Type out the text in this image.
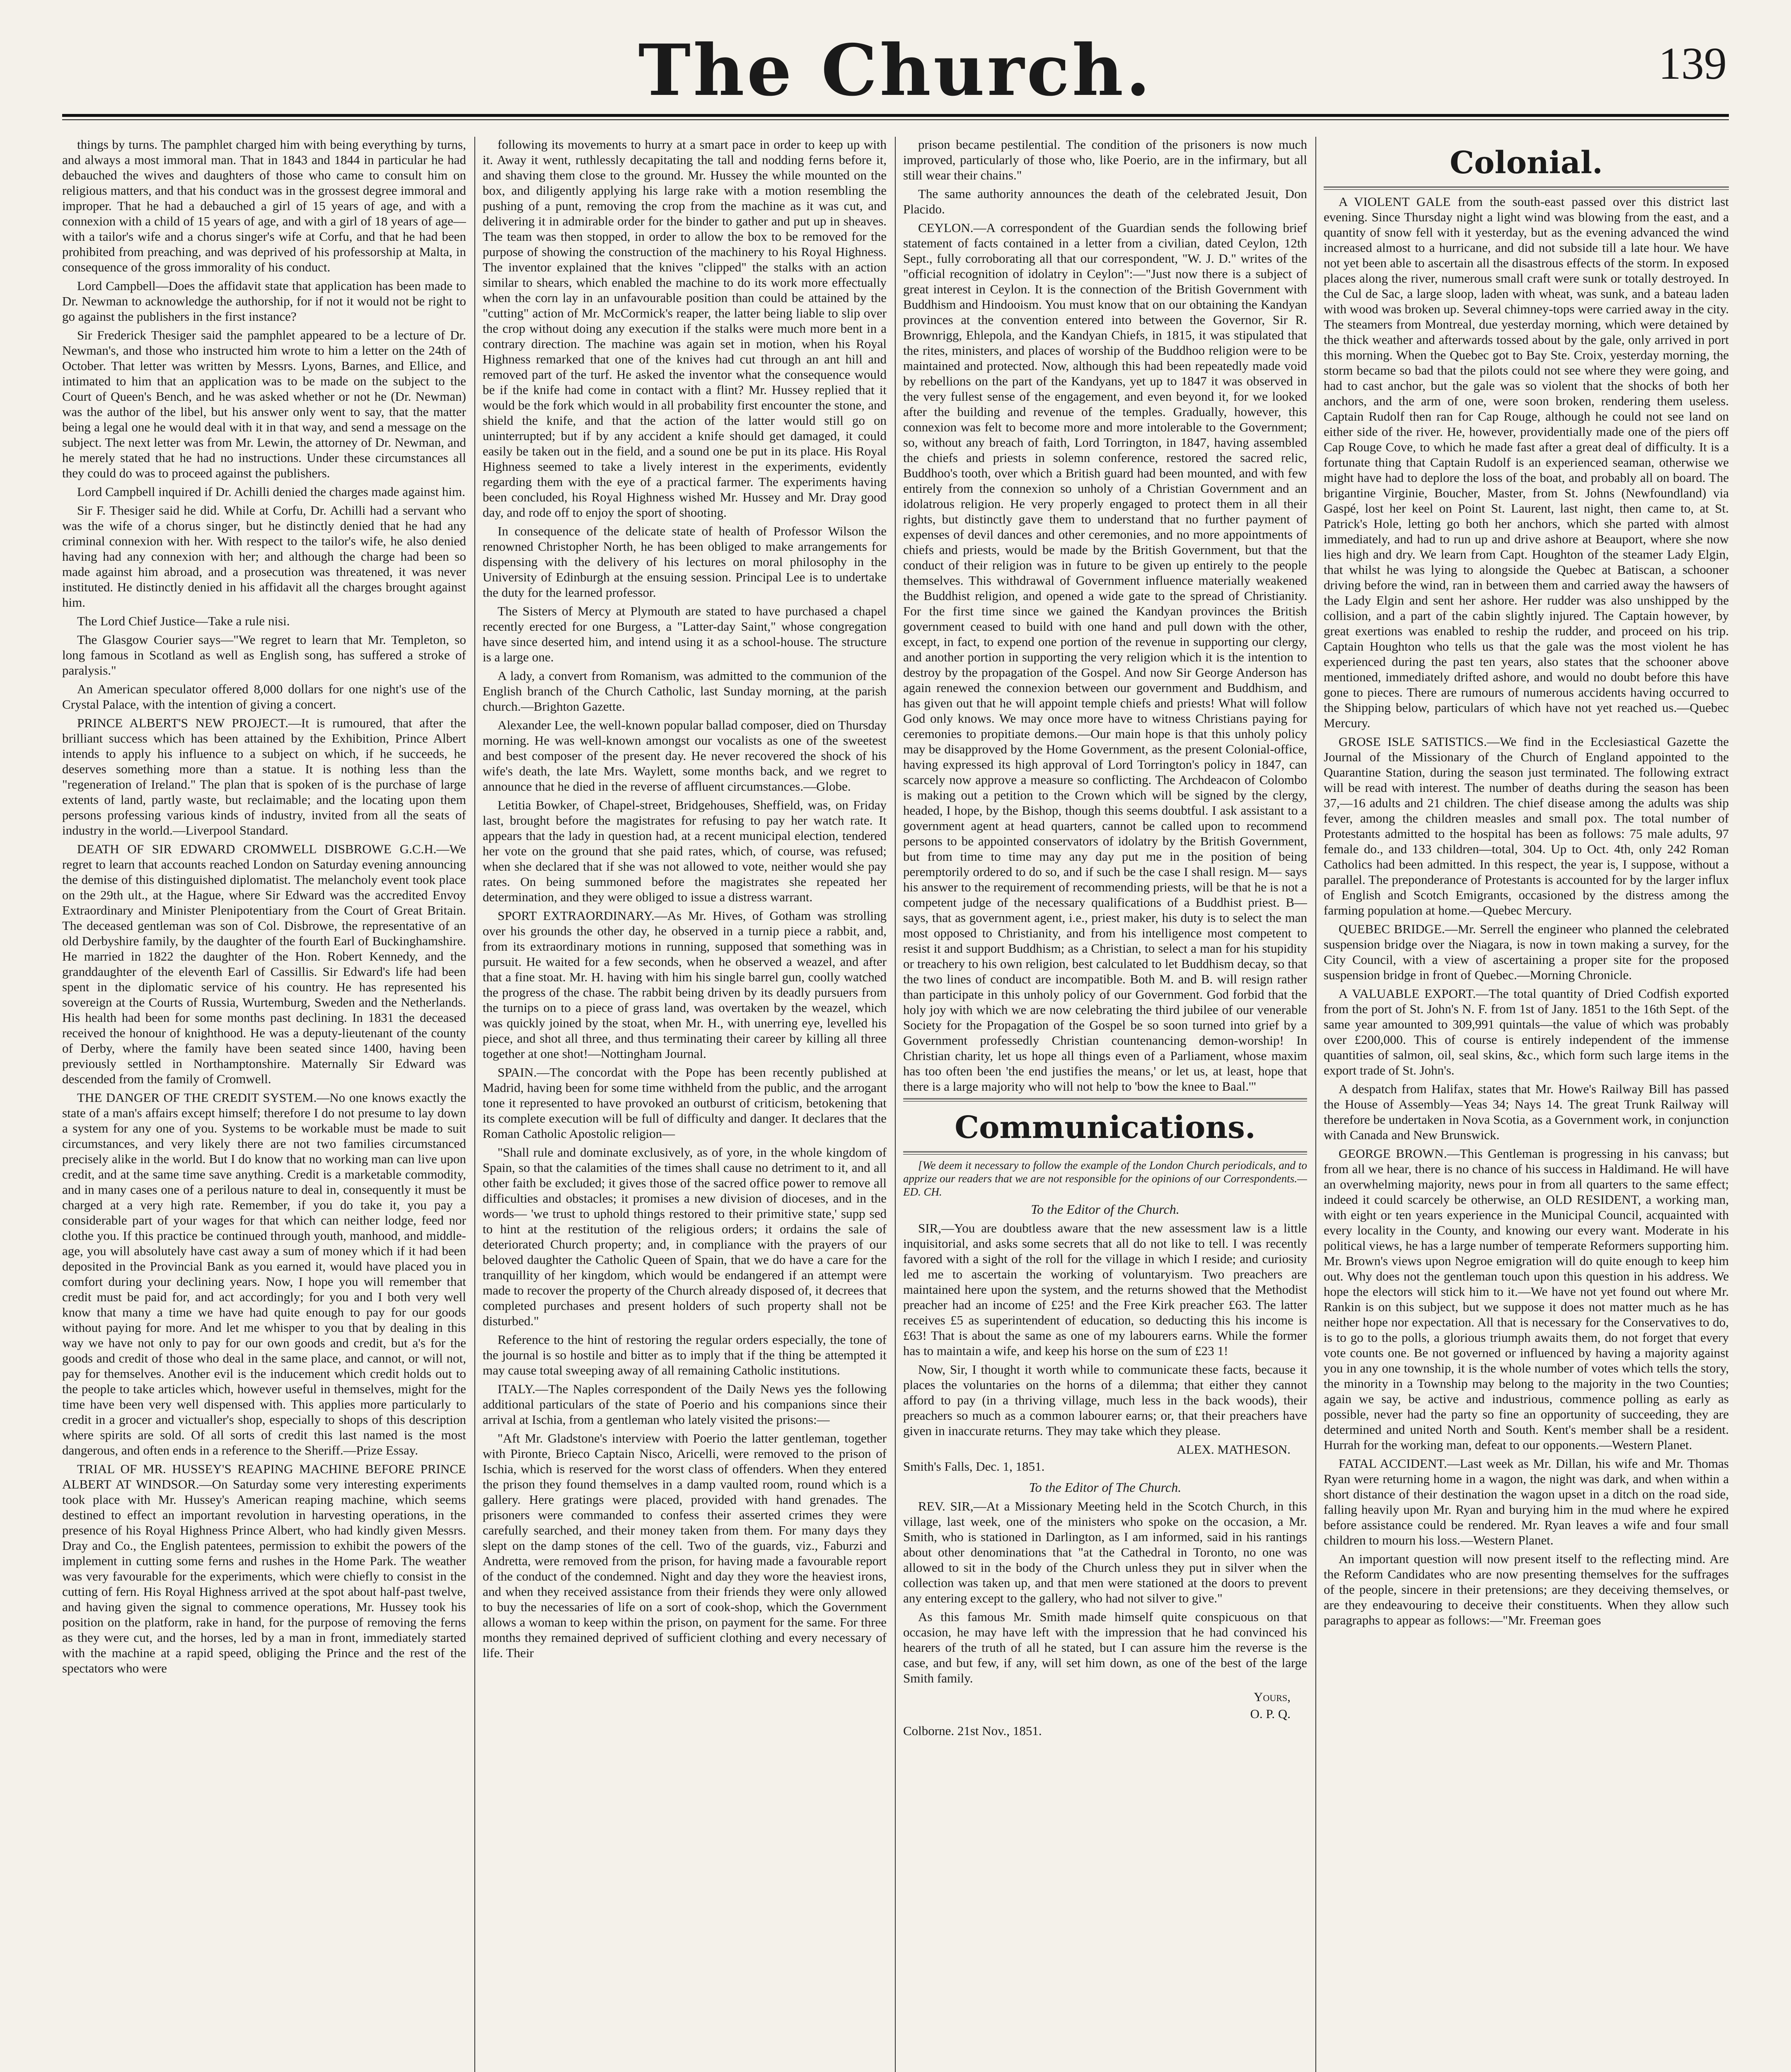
The Church.	139

things by turns. The pamphlet charged him with being everything by turns, and always a most immoral man. That in 1843 and 1844 in particular he had debauched the wives and daughters of those who came to consult him on religious matters, and that his conduct was in the grossest degree immoral and improper. That he had a debauched a girl of 15 years of age, and with a connexion with a child of 15 years of age, and with a girl of 18 years of age—with a tailor's wife and a chorus singer's wife at Corfu, and that he had been prohibited from preaching, and was deprived of his professorship at Malta, in consequence of the gross immorality of his conduct.

Lord Campbell—Does the affidavit state that application has been made to Dr. Newman to acknowledge the authorship, for if not it would not be right to go against the publishers in the first instance?

Sir Frederick Thesiger said the pamphlet appeared to be a lecture of Dr. Newman's, and those who instructed him wrote to him a letter on the 24th of October. That letter was written by Messrs. Lyons, Barnes, and Ellice, and intimated to him that an application was to be made on the subject to the Court of Queen's Bench, and he was asked whether or not he (Dr. Newman) was the author of the libel, but his answer only went to say, that the matter being a legal one he would deal with it in that way, and send a message on the subject. The next letter was from Mr. Lewin, the attorney of Dr. Newman, and he merely stated that he had no instructions. Under these circumstances all they could do was to proceed against the publishers.

Lord Campbell inquired if Dr. Achilli denied the charges made against him.

Sir F. Thesiger said he did. While at Corfu, Dr. Achilli had a servant who was the wife of a chorus singer, but he distinctly denied that he had any criminal connexion with her. With respect to the tailor's wife, he also denied having had any connexion with her; and although the charge had been so made against him abroad, and a prosecution was threatened, it was never instituted. He distinctly denied in his affidavit all the charges brought against him.

The Lord Chief Justice—Take a rule nisi.

The Glasgow Courier says—"We regret to learn that Mr. Templeton, so long famous in Scotland as well as English song, has suffered a stroke of paralysis."

An American speculator offered 8,000 dollars for one night's use of the Crystal Palace, with the intention of giving a concert.

PRINCE ALBERT'S NEW PROJECT.—It is rumoured, that after the brilliant success which has been attained by the Exhibition, Prince Albert intends to apply his influence to a subject on which, if he succeeds, he deserves something more than a statue. It is nothing less than the "regeneration of Ireland." The plan that is spoken of is the purchase of large extents of land, partly waste, but reclaimable; and the locating upon them persons professing various kinds of industry, invited from all the seats of industry in the world.—Liverpool Standard.

DEATH OF SIR EDWARD CROMWELL DISBROWE G.C.H.—We regret to learn that accounts reached London on Saturday evening announcing the demise of this distinguished diplomatist. The melancholy event took place on the 29th ult., at the Hague, where Sir Edward was the accredited Envoy Extraordinary and Minister Plenipotentiary from the Court of Great Britain. The deceased gentleman was son of Col. Disbrowe, the representative of an old Derbyshire family, by the daughter of the fourth Earl of Buckinghamshire. He married in 1822 the daughter of the Hon. Robert Kennedy, and the granddaughter of the eleventh Earl of Cassillis. Sir Edward's life had been spent in the diplomatic service of his country. He has represented his sovereign at the Courts of Russia, Wurtemburg, Sweden and the Netherlands. His health had been for some months past declining. In 1831 the deceased received the honour of knighthood. He was a deputy-lieutenant of the county of Derby, where the family have been seated since 1400, having been previously settled in Northamptonshire. Maternally Sir Edward was descended from the family of Cromwell.

THE DANGER OF THE CREDIT SYSTEM.—No one knows exactly the state of a man's affairs except himself; therefore I do not presume to lay down a system for any one of you. Systems to be workable must be made to suit circumstances, and very likely there are not two families circumstanced precisely alike in the world. But I do know that no working man can live upon credit, and at the same time save anything. Credit is a marketable commodity, and in many cases one of a perilous nature to deal in, consequently it must be charged at a very high rate. Remember, if you do take it, you pay a considerable part of your wages for that which can neither lodge, feed nor clothe you. If this practice be continued through youth, manhood, and middle-age, you will absolutely have cast away a sum of money which if it had been deposited in the Provincial Bank as you earned it, would have placed you in comfort during your declining years. Now, I hope you will remember that credit must be paid for, and act accordingly; for you and I both very well know that many a time we have had quite enough to pay for our goods without paying for more. And let me whisper to you that by dealing in this way we have not only to pay for our own goods and credit, but a's for the goods and credit of those who deal in the same place, and cannot, or will not, pay for themselves. Another evil is the inducement which credit holds out to the people to take articles which, however useful in themselves, might for the time have been very well dispensed with. This applies more particularly to credit in a grocer and victualler's shop, especially to shops of this description where spirits are sold. Of all sorts of credit this last named is the most dangerous, and often ends in a reference to the Sheriff.—Prize Essay.

TRIAL OF MR. HUSSEY'S REAPING MACHINE BEFORE PRINCE ALBERT AT WINDSOR.—On Saturday some very interesting experiments took place with Mr. Hussey's American reaping machine, which seems destined to effect an important revolution in harvesting operations, in the presence of his Royal Highness Prince Albert, who had kindly given Messrs. Dray and Co., the English patentees, permission to exhibit the powers of the implement in cutting some ferns and rushes in the Home Park. The weather was very favourable for the experiments, which were chiefly to consist in the cutting of fern. His Royal Highness arrived at the spot about half-past twelve, and having given the signal to commence operations, Mr. Hussey took his position on the platform, rake in hand, for the purpose of removing the ferns as they were cut, and the horses, led by a man in front, immediately started with the machine at a rapid speed, obliging the Prince and the rest of the spectators who were

following its movements to hurry at a smart pace in order to keep up with it. Away it went, ruthlessly decapitating the tall and nodding ferns before it, and shaving them close to the ground. Mr. Hussey the while mounted on the box, and diligently applying his large rake with a motion resembling the pushing of a punt, removing the crop from the machine as it was cut, and delivering it in admirable order for the binder to gather and put up in sheaves. The team was then stopped, in order to allow the box to be removed for the purpose of showing the construction of the machinery to his Royal Highness. The inventor explained that the knives "clipped" the stalks with an action similar to shears, which enabled the machine to do its work more effectually when the corn lay in an unfavourable position than could be attained by the "cutting" action of Mr. McCormick's reaper, the latter being liable to slip over the crop without doing any execution if the stalks were much more bent in a contrary direction. The machine was again set in motion, when his Royal Highness remarked that one of the knives had cut through an ant hill and removed part of the turf. He asked the inventor what the consequence would be if the knife had come in contact with a flint? Mr. Hussey replied that it would be the fork which would in all probability first encounter the stone, and shield the knife, and that the action of the latter would still go on uninterrupted; but if by any accident a knife should get damaged, it could easily be taken out in the field, and a sound one be put in its place. His Royal Highness seemed to take a lively interest in the experiments, evidently regarding them with the eye of a practical farmer. The experiments having been concluded, his Royal Highness wished Mr. Hussey and Mr. Dray good day, and rode off to enjoy the sport of shooting.

In consequence of the delicate state of health of Professor Wilson the renowned Christopher North, he has been obliged to make arrangements for dispensing with the delivery of his lectures on moral philosophy in the University of Edinburgh at the ensuing session. Principal Lee is to undertake the duty for the learned professor.

The Sisters of Mercy at Plymouth are stated to have purchased a chapel recently erected for one Burgess, a "Latter-day Saint," whose congregation have since deserted him, and intend using it as a school-house. The structure is a large one.

A lady, a convert from Romanism, was admitted to the communion of the English branch of the Church Catholic, last Sunday morning, at the parish church.—Brighton Gazette.

Alexander Lee, the well-known popular ballad composer, died on Thursday morning. He was well-known amongst our vocalists as one of the sweetest and best composer of the present day. He never recovered the shock of his wife's death, the late Mrs. Waylett, some months back, and we regret to announce that he died in the reverse of affluent circumstances.—Globe.

Letitia Bowker, of Chapel-street, Bridgehouses, Sheffield, was, on Friday last, brought before the magistrates for refusing to pay her watch rate. It appears that the lady in question had, at a recent municipal election, tendered her vote on the ground that she paid rates, which, of course, was refused; when she declared that if she was not allowed to vote, neither would she pay rates. On being summoned before the magistrates she repeated her determination, and they were obliged to issue a distress warrant.

SPORT EXTRAORDINARY.—As Mr. Hives, of Gotham was strolling over his grounds the other day, he observed in a turnip piece a rabbit, and, from its extraordinary motions in running, supposed that something was in pursuit. He waited for a few seconds, when he observed a weazel, and after that a fine stoat. Mr. H. having with him his single barrel gun, coolly watched the progress of the chase. The rabbit being driven by its deadly pursuers from the turnips on to a piece of grass land, was overtaken by the weazel, which was quickly joined by the stoat, when Mr. H., with unerring eye, levelled his piece, and shot all three, and thus terminating their career by killing all three together at one shot!—Nottingham Journal.

SPAIN.—The concordat with the Pope has been recently published at Madrid, having been for some time withheld from the public, and the arrogant tone it represented to have provoked an outburst of criticism, betokening that its complete execution will be full of difficulty and danger. It declares that the Roman Catholic Apostolic religion—

"Shall rule and dominate exclusively, as of yore, in the whole kingdom of Spain, so that the calamities of the times shall cause no detriment to it, and all other faith be excluded; it gives those of the sacred office power to remove all difficulties and obstacles; it promises a new division of dioceses, and in the words— 'we trust to uphold things restored to their primitive state,' supp sed to hint at the restitution of the religious orders; it ordains the sale of deteriorated Church property; and, in compliance with the prayers of our beloved daughter the Catholic Queen of Spain, that we do have a care for the tranquillity of her kingdom, which would be endangered if an attempt were made to recover the property of the Church already disposed of, it decrees that completed purchases and present holders of such property shall not be disturbed."

Reference to the hint of restoring the regular orders especially, the tone of the journal is so hostile and bitter as to imply that if the thing be attempted it may cause total sweeping away of all remaining Catholic institutions.

ITALY.—The Naples correspondent of the Daily News yes the following additional particulars of the state of Poerio and his companions since their arrival at Ischia, from a gentleman who lately visited the prisons:—

"Aft Mr. Gladstone's interview with Poerio the latter gentleman, together with Pironte, Brieco Captain Nisco, Aricelli, were removed to the prison of Ischia, which is reserved for the worst class of offenders. When they entered the prison they found themselves in a damp vaulted room, round which is a gallery. Here gratings were placed, provided with hand grenades. The prisoners were commanded to confess their asserted crimes they were carefully searched, and their money taken from them. For many days they slept on the damp stones of the cell. Two of the guards, viz., Faburzi and Andretta, were removed from the prison, for having made a favourable report of the conduct of the condemned. Night and day they wore the heaviest irons, and when they received assistance from their friends they were only allowed to buy the necessaries of life on a sort of cook-shop, which the Government allows a woman to keep within the prison, on payment for the same. For three months they remained deprived of sufficient clothing and every necessary of life. Their

prison became pestilential. The condition of the prisoners is now much improved, particularly of those who, like Poerio, are in the infirmary, but all still wear their chains."

The same authority announces the death of the celebrated Jesuit, Don Placido.

CEYLON.—A correspondent of the Guardian sends the following brief statement of facts contained in a letter from a civilian, dated Ceylon, 12th Sept., fully corroborating all that our correspondent, "W. J. D." writes of the "official recognition of idolatry in Ceylon":—"Just now there is a subject of great interest in Ceylon. It is the connection of the British Government with Buddhism and Hindooism. You must know that on our obtaining the Kandyan provinces at the convention entered into between the Governor, Sir R. Brownrigg, Ehlepola, and the Kandyan Chiefs, in 1815, it was stipulated that the rites, ministers, and places of worship of the Buddhoo religion were to be maintained and protected. Now, although this had been repeatedly made void by rebellions on the part of the Kandyans, yet up to 1847 it was observed in the very fullest sense of the engagement, and even beyond it, for we looked after the building and revenue of the temples. Gradually, however, this connexion was felt to become more and more intolerable to the Government; so, without any breach of faith, Lord Torrington, in 1847, having assembled the chiefs and priests in solemn conference, restored the sacred relic, Buddhoo's tooth, over which a British guard had been mounted, and with few entirely from the connexion so unholy of a Christian Government and an idolatrous religion. He very properly engaged to protect them in all their rights, but distinctly gave them to understand that no further payment of expenses of devil dances and other ceremonies, and no more appointments of chiefs and priests, would be made by the British Government, but that the conduct of their religion was in future to be given up entirely to the people themselves. This withdrawal of Government influence materially weakened the Buddhist religion, and opened a wide gate to the spread of Christianity. For the first time since we gained the Kandyan provinces the British government ceased to build with one hand and pull down with the other, except, in fact, to expend one portion of the revenue in supporting our clergy, and another portion in supporting the very religion which it is the intention to destroy by the propagation of the Gospel. And now Sir George Anderson has again renewed the connexion between our government and Buddhism, and has given out that he will appoint temple chiefs and priests! What will follow God only knows. We may once more have to witness Christians paying for ceremonies to propitiate demons.—Our main hope is that this unholy policy may be disapproved by the Home Government, as the present Colonial-office, having expressed its high approval of Lord Torrington's policy in 1847, can scarcely now approve a measure so conflicting. The Archdeacon of Colombo is making out a petition to the Crown which will be signed by the clergy, headed, I hope, by the Bishop, though this seems doubtful. I ask assistant to a government agent at head quarters, cannot be called upon to recommend persons to be appointed conservators of idolatry by the British Government, but from time to time may any day put me in the position of being peremptorily ordered to do so, and if such be the case I shall resign. M— says his answer to the requirement of recommending priests, will be that he is not a competent judge of the necessary qualifications of a Buddhist priest. B— says, that as government agent, i.e., priest maker, his duty is to select the man most opposed to Christianity, and from his intelligence most competent to resist it and support Buddhism; as a Christian, to select a man for his stupidity or treachery to his own religion, best calculated to let Buddhism decay, so that the two lines of conduct are incompatible. Both M. and B. will resign rather than participate in this unholy policy of our Government. God forbid that the holy joy with which we are now celebrating the third jubilee of our venerable Society for the Propagation of the Gospel be so soon turned into grief by a Government professedly Christian countenancing demon-worship! In Christian charity, let us hope all things even of a Parliament, whose maxim has too often been 'the end justifies the means,' or let us, at least, hope that there is a large majority who will not help to 'bow the knee to Baal.'"

Communications.

[We deem it necessary to follow the example of the London Church periodicals, and to apprize our readers that we are not responsible for the opinions of our Correspondents.—ED. CH.

To the Editor of the Church.

SIR,—You are doubtless aware that the new assessment law is a little inquisitorial, and asks some secrets that all do not like to tell. I was recently favored with a sight of the roll for the village in which I reside; and curiosity led me to ascertain the working of voluntaryism. Two preachers are maintained here upon the system, and the returns showed that the Methodist preacher had an income of £25! and the Free Kirk preacher £63. The latter receives £5 as superintendent of education, so deducting this his income is £63! That is about the same as one of my labourers earns. While the former has to maintain a wife, and keep his horse on the sum of £23 1!

Now, Sir, I thought it worth while to communicate these facts, because it places the voluntaries on the horns of a dilemma; that either they cannot afford to pay (in a thriving village, much less in the back woods), their preachers so much as a common labourer earns; or, that their preachers have given in inaccurate returns. They may take which they please.

ALEX. MATHESON.
Smith's Falls, Dec. 1, 1851.
To the Editor of The Church.

REV. SIR,—At a Missionary Meeting held in the Scotch Church, in this village, last week, one of the ministers who spoke on the occasion, a Mr. Smith, who is stationed in Darlington, as I am informed, said in his rantings about other denominations that "at the Cathedral in Toronto, no one was allowed to sit in the body of the Church unless they put in silver when the collection was taken up, and that men were stationed at the doors to prevent any entering except to the gallery, who had not silver to give."

As this famous Mr. Smith made himself quite conspicuous on that occasion, he may have left with the impression that he had convinced his hearers of the truth of all he stated, but I can assure him the reverse is the case, and but few, if any, will set him down, as one of the best of the large Smith family.

Yours,
O. P. Q.
Colborne. 21st Nov., 1851.
Colonial.

A VIOLENT GALE from the south-east passed over this district last evening. Since Thursday night a light wind was blowing from the east, and a quantity of snow fell with it yesterday, but as the evening advanced the wind increased almost to a hurricane, and did not subside till a late hour. We have not yet been able to ascertain all the disastrous effects of the storm. In exposed places along the river, numerous small craft were sunk or totally destroyed. In the Cul de Sac, a large sloop, laden with wheat, was sunk, and a bateau laden with wood was broken up. Several chimney-tops were carried away in the city. The steamers from Montreal, due yesterday morning, which were detained by the thick weather and afterwards tossed about by the gale, only arrived in port this morning. When the Quebec got to Bay Ste. Croix, yesterday morning, the storm became so bad that the pilots could not see where they were going, and had to cast anchor, but the gale was so violent that the shocks of both her anchors, and the arm of one, were soon broken, rendering them useless. Captain Rudolf then ran for Cap Rouge, although he could not see land on either side of the river. He, however, providentially made one of the piers off Cap Rouge Cove, to which he made fast after a great deal of difficulty. It is a fortunate thing that Captain Rudolf is an experienced seaman, otherwise we might have had to deplore the loss of the boat, and probably all on board. The brigantine Virginie, Boucher, Master, from St. Johns (Newfoundland) via Gaspé, lost her keel on Point St. Laurent, last night, then came to, at St. Patrick's Hole, letting go both her anchors, which she parted with almost immediately, and had to run up and drive ashore at Beauport, where she now lies high and dry. We learn from Capt. Houghton of the steamer Lady Elgin, that whilst he was lying to alongside the Quebec at Batiscan, a schooner driving before the wind, ran in between them and carried away the hawsers of the Lady Elgin and sent her ashore. Her rudder was also unshipped by the collision, and a part of the cabin slightly injured. The Captain however, by great exertions was enabled to reship the rudder, and proceed on his trip. Captain Houghton who tells us that the gale was the most violent he has experienced during the past ten years, also states that the schooner above mentioned, immediately drifted ashore, and would no doubt before this have gone to pieces. There are rumours of numerous accidents having occurred to the Shipping below, particulars of which have not yet reached us.—Quebec Mercury.

GROSE ISLE SATISTICS.—We find in the Ecclesiastical Gazette the Journal of the Missionary of the Church of England appointed to the Quarantine Station, during the season just terminated. The following extract will be read with interest. The number of deaths during the season has been 37,—16 adults and 21 children. The chief disease among the adults was ship fever, among the children measles and small pox. The total number of Protestants admitted to the hospital has been as follows: 75 male adults, 97 female do., and 133 children—total, 304. Up to Oct. 4th, only 242 Roman Catholics had been admitted. In this respect, the year is, I suppose, without a parallel. The preponderance of Protestants is accounted for by the larger influx of English and Scotch Emigrants, occasioned by the distress among the farming population at home.—Quebec Mercury.

QUEBEC BRIDGE.—Mr. Serrell the engineer who planned the celebrated suspension bridge over the Niagara, is now in town making a survey, for the City Council, with a view of ascertaining a proper site for the proposed suspension bridge in front of Quebec.—Morning Chronicle.

A VALUABLE EXPORT.—The total quantity of Dried Codfish exported from the port of St. John's N. F. from 1st of Jany. 1851 to the 16th Sept. of the same year amounted to 309,991 quintals—the value of which was probably over £200,000. This of course is entirely independent of the immense quantities of salmon, oil, seal skins, &c., which form such large items in the export trade of St. John's.

A despatch from Halifax, states that Mr. Howe's Railway Bill has passed the House of Assembly—Yeas 34; Nays 14. The great Trunk Railway will therefore be undertaken in Nova Scotia, as a Government work, in conjunction with Canada and New Brunswick.

GEORGE BROWN.—This Gentleman is progressing in his canvass; but from all we hear, there is no chance of his success in Haldimand. He will have an overwhelming majority, news pour in from all quarters to the same effect; indeed it could scarcely be otherwise, an OLD RESIDENT, a working man, with eight or ten years experience in the Municipal Council, acquainted with every locality in the County, and knowing our every want. Moderate in his political views, he has a large number of temperate Reformers supporting him. Mr. Brown's views upon Negroe emigration will do quite enough to keep him out. Why does not the gentleman touch upon this question in his address. We hope the electors will stick him to it.—We have not yet found out where Mr. Rankin is on this subject, but we suppose it does not matter much as he has neither hope nor expectation. All that is necessary for the Conservatives to do, is to go to the polls, a glorious triumph awaits them, do not forget that every vote counts one. Be not governed or influenced by having a majority against you in any one township, it is the whole number of votes which tells the story, the minority in a Township may belong to the majority in the two Counties; again we say, be active and industrious, commence polling as early as possible, never had the party so fine an opportunity of succeeding, they are determined and united North and South. Kent's member shall be a resident. Hurrah for the working man, defeat to our opponents.—Western Planet.

FATAL ACCIDENT.—Last week as Mr. Dillan, his wife and Mr. Thomas Ryan were returning home in a wagon, the night was dark, and when within a short distance of their destination the wagon upset in a ditch on the road side, falling heavily upon Mr. Ryan and burying him in the mud where he expired before assistance could be rendered. Mr. Ryan leaves a wife and four small children to mourn his loss.—Western Planet.

An important question will now present itself to the reflecting mind. Are the Reform Candidates who are now presenting themselves for the suffrages of the people, sincere in their pretensions; are they deceiving themselves, or are they endeavouring to deceive their constituents. When they allow such paragraphs to appear as follows:—"Mr. Freeman goes
